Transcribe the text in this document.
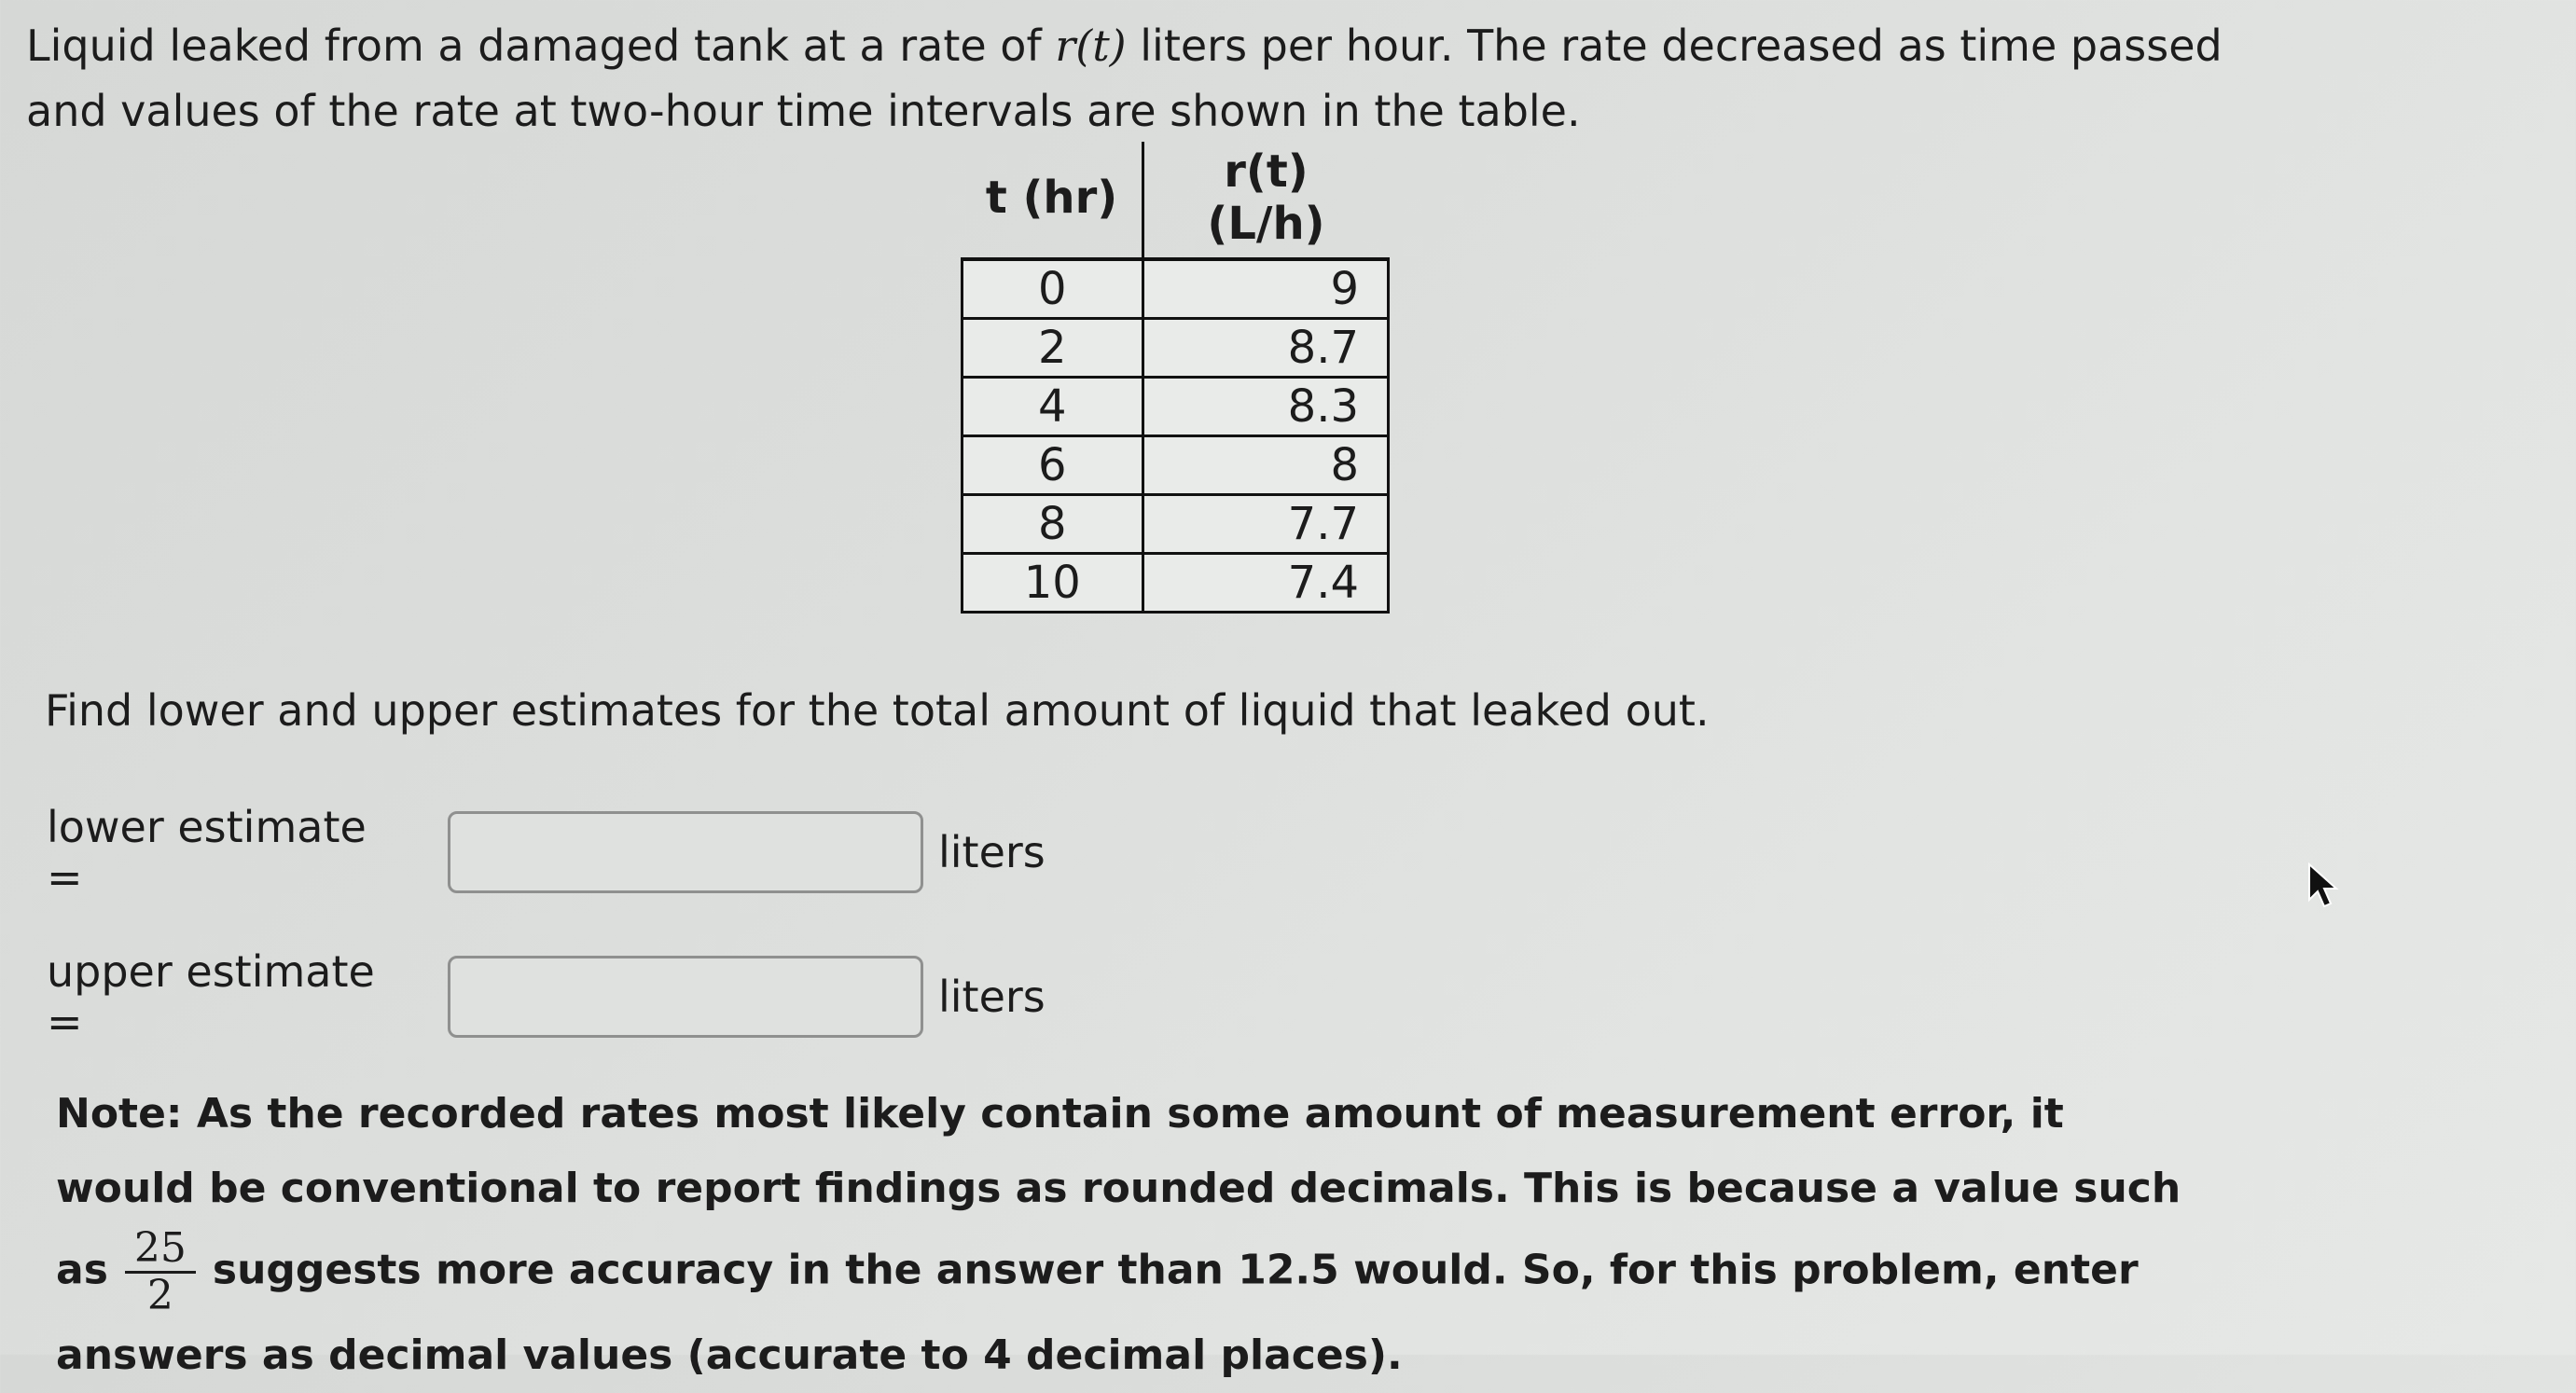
Liquid leaked from a damaged tank at a rate of r(t) liters per hour. The rate decreased as time passed and values of the rate at two-hour time intervals are shown in the table.
t (hr)	r(t) (L/h)
0	9
2	8.7
4	8.3
6	8
8	7.7
10	7.4
Find lower and upper estimates for the total amount of liquid that leaked out.
lower estimate =	liters
upper estimate =	liters
Note: As the recorded rates most likely contain some amount of measurement error, it would be conventional to report findings as rounded decimals. This is because a value such as $\frac{25}{2}$ suggests more accuracy in the answer than 12.5 would. So, for this problem, enter answers as decimal values (accurate to 4 decimal places).
